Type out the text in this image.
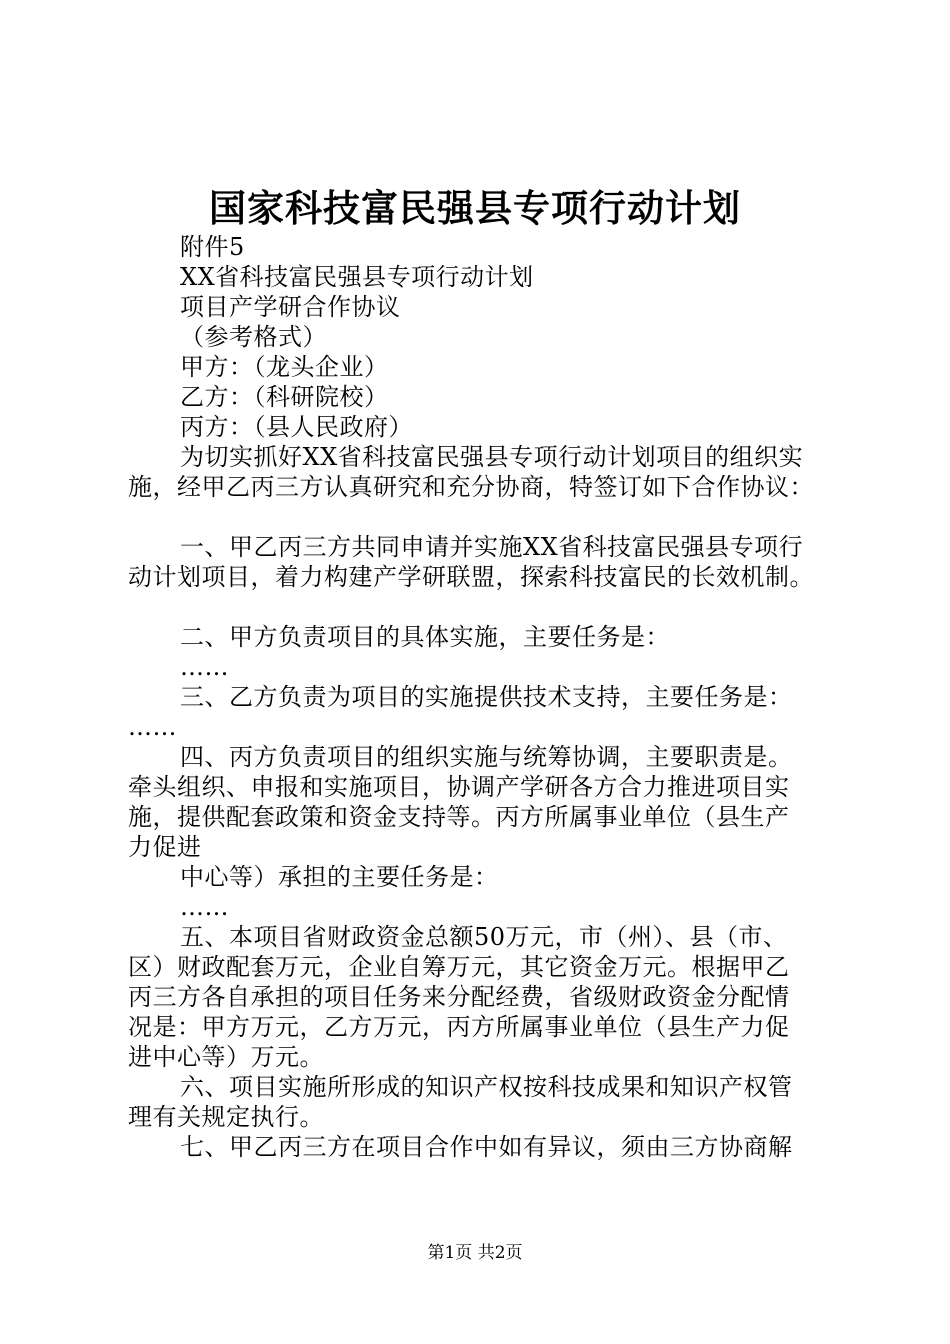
国家科技富民强县专项行动计划
附件5
XX省科技富民强县专项行动计划
项目产学研合作协议
（参考格式）
甲方：（龙头企业）
乙方：（科研院校）
丙方：（县人民政府）
为切实抓好XX省科技富民强县专项行动计划项目的组织实
施，经甲乙丙三方认真研究和充分协商，特签订如下合作协议：
一、甲乙丙三方共同申请并实施XX省科技富民强县专项行
动计划项目，着力构建产学研联盟，探索科技富民的长效机制。
二、甲方负责项目的具体实施，主要任务是：
……
三、乙方负责为项目的实施提供技术支持，主要任务是：
……
四、丙方负责项目的组织实施与统筹协调，主要职责是。
牵头组织、申报和实施项目，协调产学研各方合力推进项目实
施，提供配套政策和资金支持等。丙方所属事业单位（县生产
力促进
中心等）承担的主要任务是：
……
五、本项目省财政资金总额50万元，市（州）、县（市、
区）财政配套万元，企业自筹万元，其它资金万元。根据甲乙
丙三方各自承担的项目任务来分配经费，省级财政资金分配情
况是：甲方万元，乙方万元，丙方所属事业单位（县生产力促
进中心等）万元。
六、项目实施所形成的知识产权按科技成果和知识产权管
理有关规定执行。
七、甲乙丙三方在项目合作中如有异议，须由三方协商解
第1页 共2页
